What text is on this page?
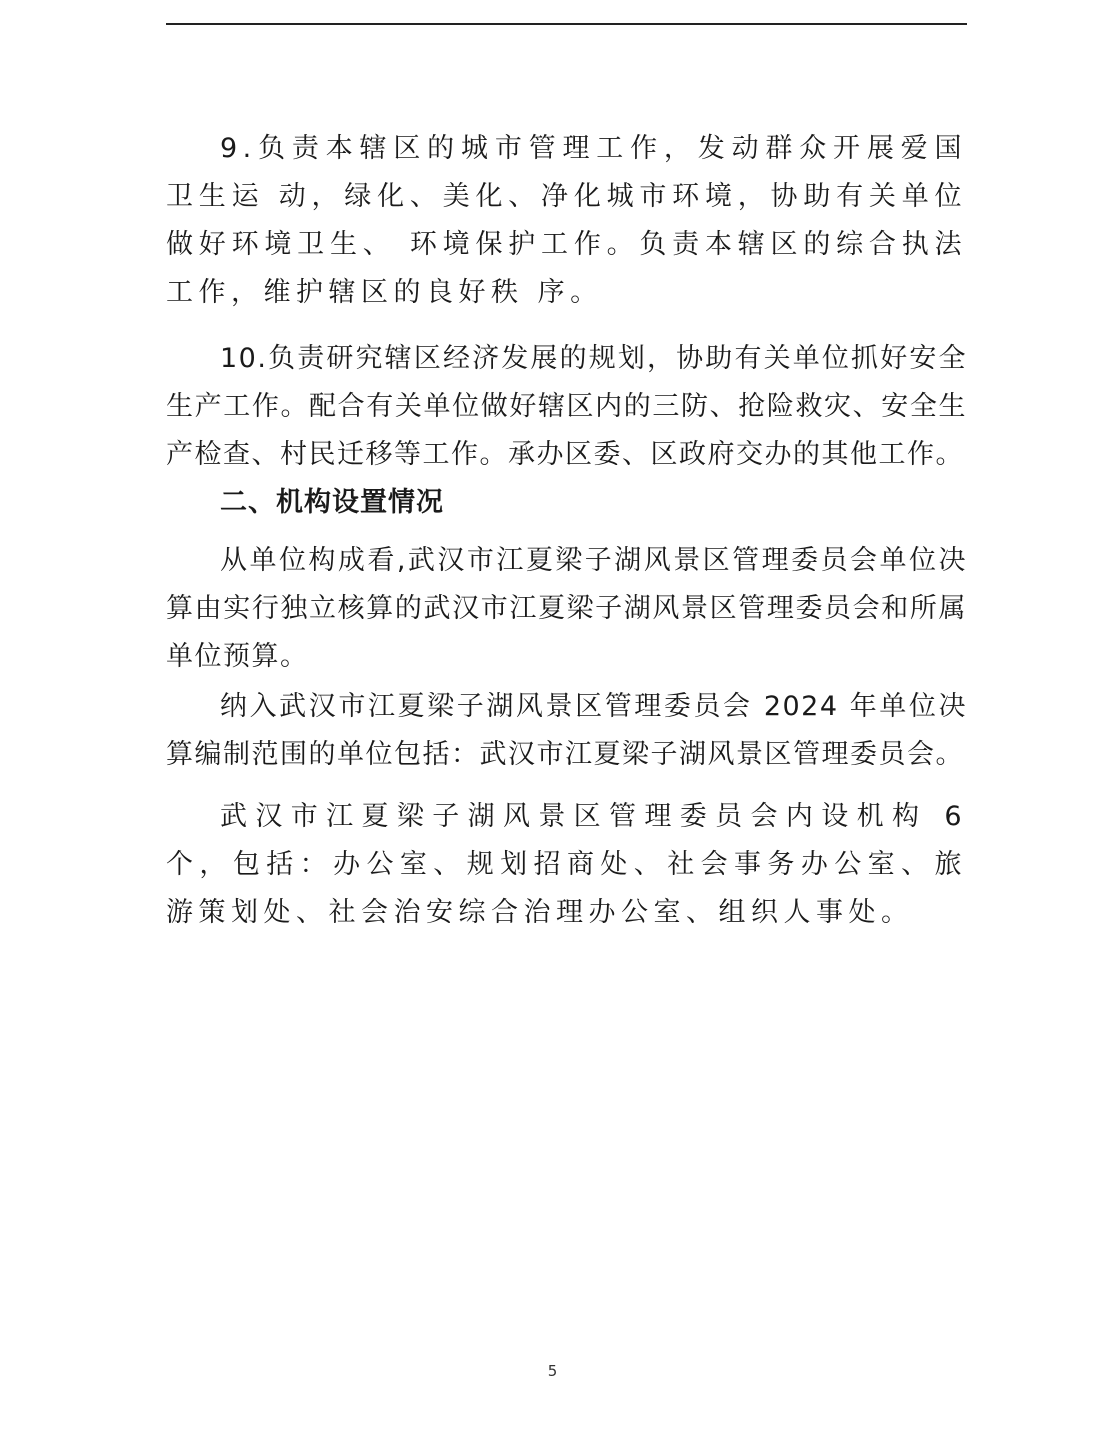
9.负责本辖区的城市管理工作，发动群众开展爱国卫生运 动，绿化、美化、净化城市环境，协助有关单位做好环境卫生、 环境保护工作。负责本辖区的综合执法工作，维护辖区的良好秩 序。

10.负责研究辖区经济发展的规划，协助有关单位抓好安全生产工作。配合有关单位做好辖区内的三防、抢险救灾、安全生产检查、村民迁移等工作。承办区委、区政府交办的其他工作。

二、机构设置情况

从单位构成看,武汉市江夏梁子湖风景区管理委员会单位决算由实行独立核算的武汉市江夏梁子湖风景区管理委员会和所属单位预算。

纳入武汉市江夏梁子湖风景区管理委员会 2024 年单位决算编制范围的单位包括：武汉市江夏梁子湖风景区管理委员会。

武汉市江夏梁子湖风景区管理委员会内设机构 6 个，包括：办公室、规划招商处、社会事务办公室、旅游策划处、社会治安综合治理办公室、组织人事处。

5
